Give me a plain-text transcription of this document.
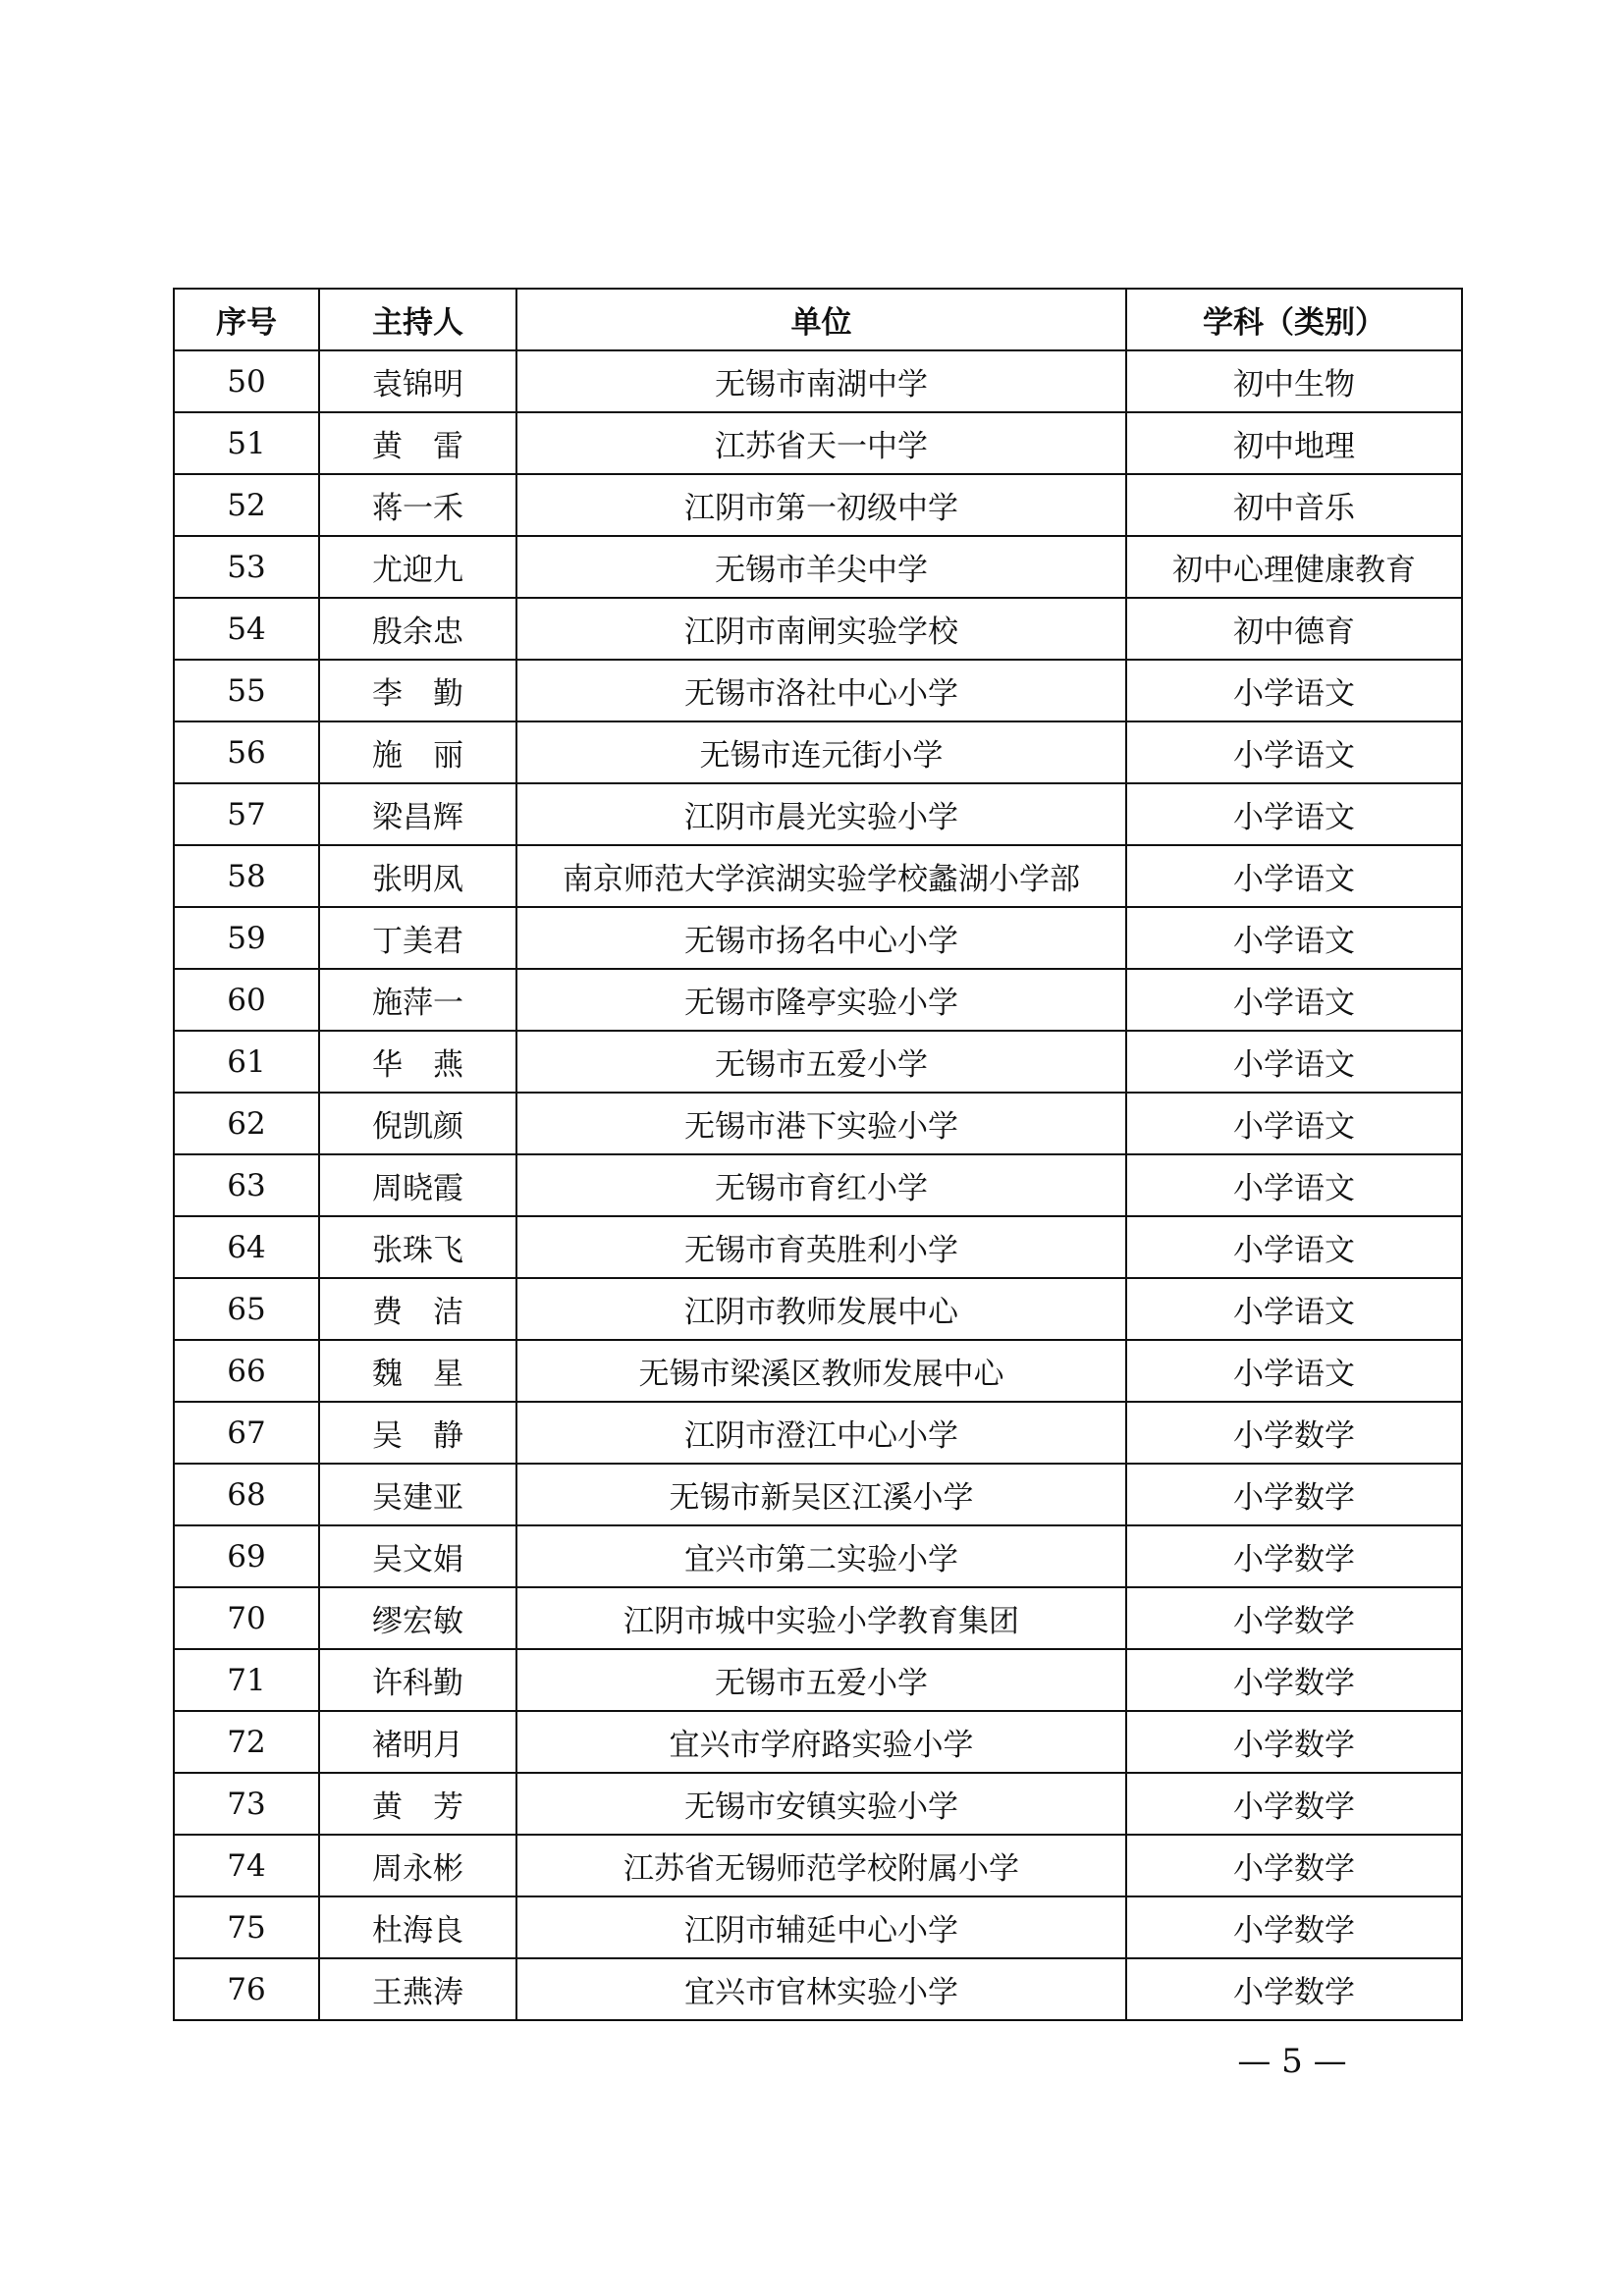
序号	主持人	单位	学科（类别）
50	袁锦明	无锡市南湖中学	初中生物
51	黄　雷	江苏省天一中学	初中地理
52	蒋一禾	江阴市第一初级中学	初中音乐
53	尤迎九	无锡市羊尖中学	初中心理健康教育
54	殷余忠	江阴市南闸实验学校	初中德育
55	李　勤	无锡市洛社中心小学	小学语文
56	施　丽	无锡市连元街小学	小学语文
57	梁昌辉	江阴市晨光实验小学	小学语文
58	张明凤	南京师范大学滨湖实验学校蠡湖小学部	小学语文
59	丁美君	无锡市扬名中心小学	小学语文
60	施萍一	无锡市隆亭实验小学	小学语文
61	华　燕	无锡市五爱小学	小学语文
62	倪凯颜	无锡市港下实验小学	小学语文
63	周晓霞	无锡市育红小学	小学语文
64	张珠飞	无锡市育英胜利小学	小学语文
65	费　洁	江阴市教师发展中心	小学语文
66	魏　星	无锡市梁溪区教师发展中心	小学语文
67	吴　静	江阴市澄江中心小学	小学数学
68	吴建亚	无锡市新吴区江溪小学	小学数学
69	吴文娟	宜兴市第二实验小学	小学数学
70	缪宏敏	江阴市城中实验小学教育集团	小学数学
71	许科勤	无锡市五爱小学	小学数学
72	褚明月	宜兴市学府路实验小学	小学数学
73	黄　芳	无锡市安镇实验小学	小学数学
74	周永彬	江苏省无锡师范学校附属小学	小学数学
75	杜海良	江阴市辅延中心小学	小学数学
76	王燕涛	宜兴市官林实验小学	小学数学
— 5 —
